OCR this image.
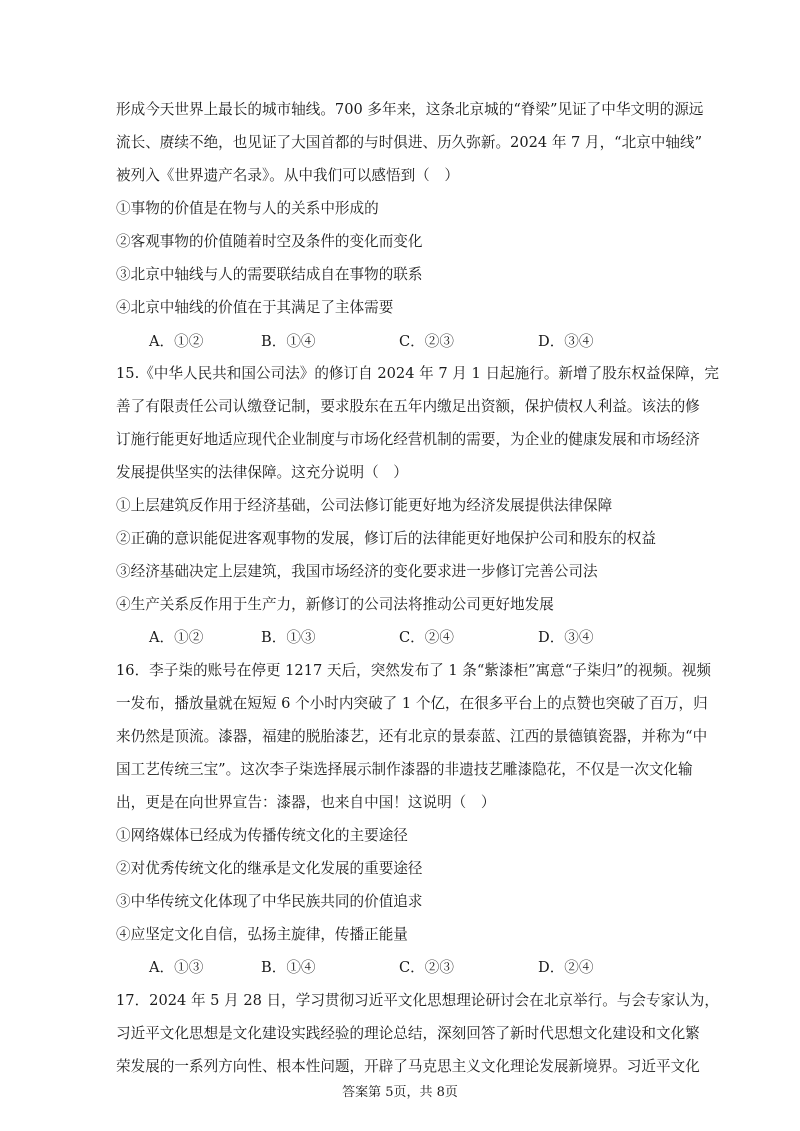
形成今天世界上最长的城市轴线。700 多年来，这条北京城的“脊梁”见证了中华文明的源远
流长、赓续不绝，也见证了大国首都的与时俱进、历久弥新。2024 年 7 月，“北京中轴线”
被列入《世界遗产名录》。从中我们可以感悟到（　）
①事物的价值是在物与人的关系中形成的
②客观事物的价值随着时空及条件的变化而变化
③北京中轴线与人的需要联结成自在事物的联系
④北京中轴线的价值在于其满足了主体需要
A．①②	B．①④	C．②③	D．③④
15.《中华人民共和国公司法》的修订自 2024 年 7 月 1 日起施行。新增了股东权益保障，完
善了有限责任公司认缴登记制，要求股东在五年内缴足出资额，保护债权人利益。该法的修
订施行能更好地适应现代企业制度与市场化经营机制的需要，为企业的健康发展和市场经济
发展提供坚实的法律保障。这充分说明（　）
①上层建筑反作用于经济基础，公司法修订能更好地为经济发展提供法律保障
②正确的意识能促进客观事物的发展，修订后的法律能更好地保护公司和股东的权益
③经济基础决定上层建筑，我国市场经济的变化要求进一步修订完善公司法
④生产关系反作用于生产力，新修订的公司法将推动公司更好地发展
A．①②	B．①③	C．②④	D．③④
16．李子柒的账号在停更 1217 天后，突然发布了 1 条“紫漆柜”寓意“子柒归”的视频。视频
一发布，播放量就在短短 6 个小时内突破了 1 个亿，在很多平台上的点赞也突破了百万，归
来仍然是顶流。漆器，福建的脱胎漆艺，还有北京的景泰蓝、江西的景德镇瓷器，并称为“中
国工艺传统三宝”。这次李子柒选择展示制作漆器的非遗技艺雕漆隐花，不仅是一次文化输
出，更是在向世界宣告：漆器，也来自中国！这说明（　）
①网络媒体已经成为传播传统文化的主要途径
②对优秀传统文化的继承是文化发展的重要途径
③中华传统文化体现了中华民族共同的价值追求
④应坚定文化自信，弘扬主旋律，传播正能量
A．①③	B．①④	C．②③	D．②④
17．2024 年 5 月 28 日，学习贯彻习近平文化思想理论研讨会在北京举行。与会专家认为，
习近平文化思想是文化建设实践经验的理论总结，深刻回答了新时代思想文化建设和文化繁
荣发展的一系列方向性、根本性问题，开辟了马克思主义文化理论发展新境界。习近平文化
答案第 5页，共 8页
